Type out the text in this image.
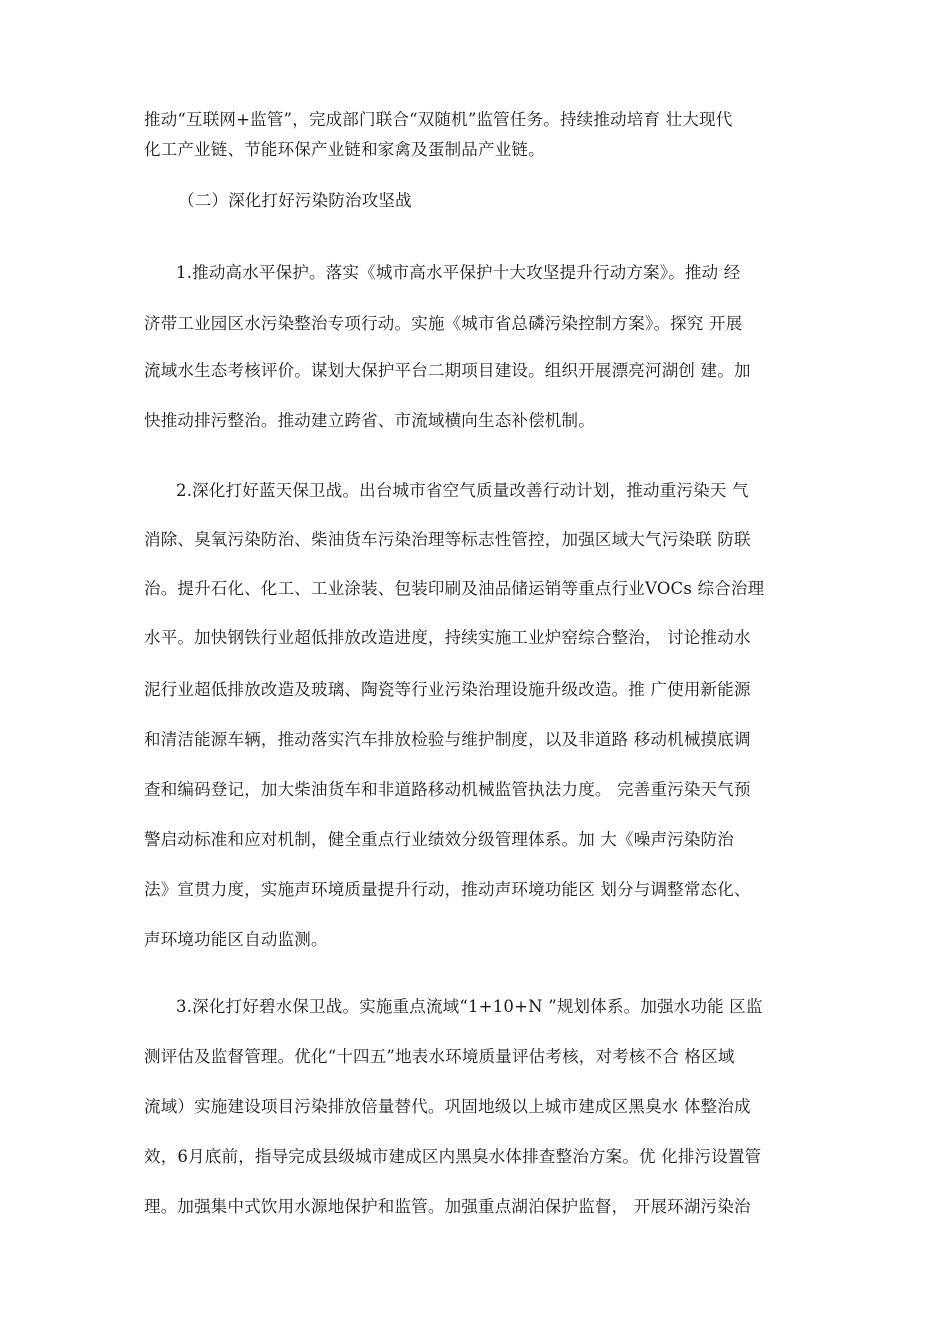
推动“互联网+监管”，完成部门联合“双随机”监管任务。持续推动培育 壮大现代
化工产业链、节能环保产业链和家禽及蛋制品产业链。
（二）深化打好污染防治攻坚战
1.推动高水平保护。落实《城市高水平保护十大攻坚提升行动方案》。推动 经
济带工业园区水污染整治专项行动。实施《城市省总磷污染控制方案》。探究 开展
流域水生态考核评价。谋划大保护平台二期项目建设。组织开展漂亮河湖创 建。加
快推动排污整治。推动建立跨省、市流域横向生态补偿机制。
2.深化打好蓝天保卫战。出台城市省空气质量改善行动计划，推动重污染天 气
消除、臭氧污染防治、柴油货车污染治理等标志性管控，加强区域大气污染联 防联
治。提升石化、化工、工业涂装、包装印刷及油品储运销等重点行业VOCs 综合治理
水平。加快钢铁行业超低排放改造进度，持续实施工业炉窑综合整治， 讨论推动水
泥行业超低排放改造及玻璃、陶瓷等行业污染治理设施升级改造。推 广使用新能源
和清洁能源车辆，推动落实汽车排放检验与维护制度，以及非道路 移动机械摸底调
查和编码登记，加大柴油货车和非道路移动机械监管执法力度。 完善重污染天气预
警启动标准和应对机制，健全重点行业绩效分级管理体系。加 大《噪声污染防治
法》宣贯力度，实施声环境质量提升行动，推动声环境功能区 划分与调整常态化、
声环境功能区自动监测。
3.深化打好碧水保卫战。实施重点流域“1+10+N ”规划体系。加强水功能 区监
测评估及监督管理。优化“十四五”地表水环境质量评估考核，对考核不合 格区域
流域）实施建设项目污染排放倍量替代。巩固地级以上城市建成区黑臭水 体整治成
效，6月底前，指导完成县级城市建成区内黑臭水体排查整治方案。优 化排污设置管
理。加强集中式饮用水源地保护和监管。加强重点湖泊保护监督， 开展环湖污染治
